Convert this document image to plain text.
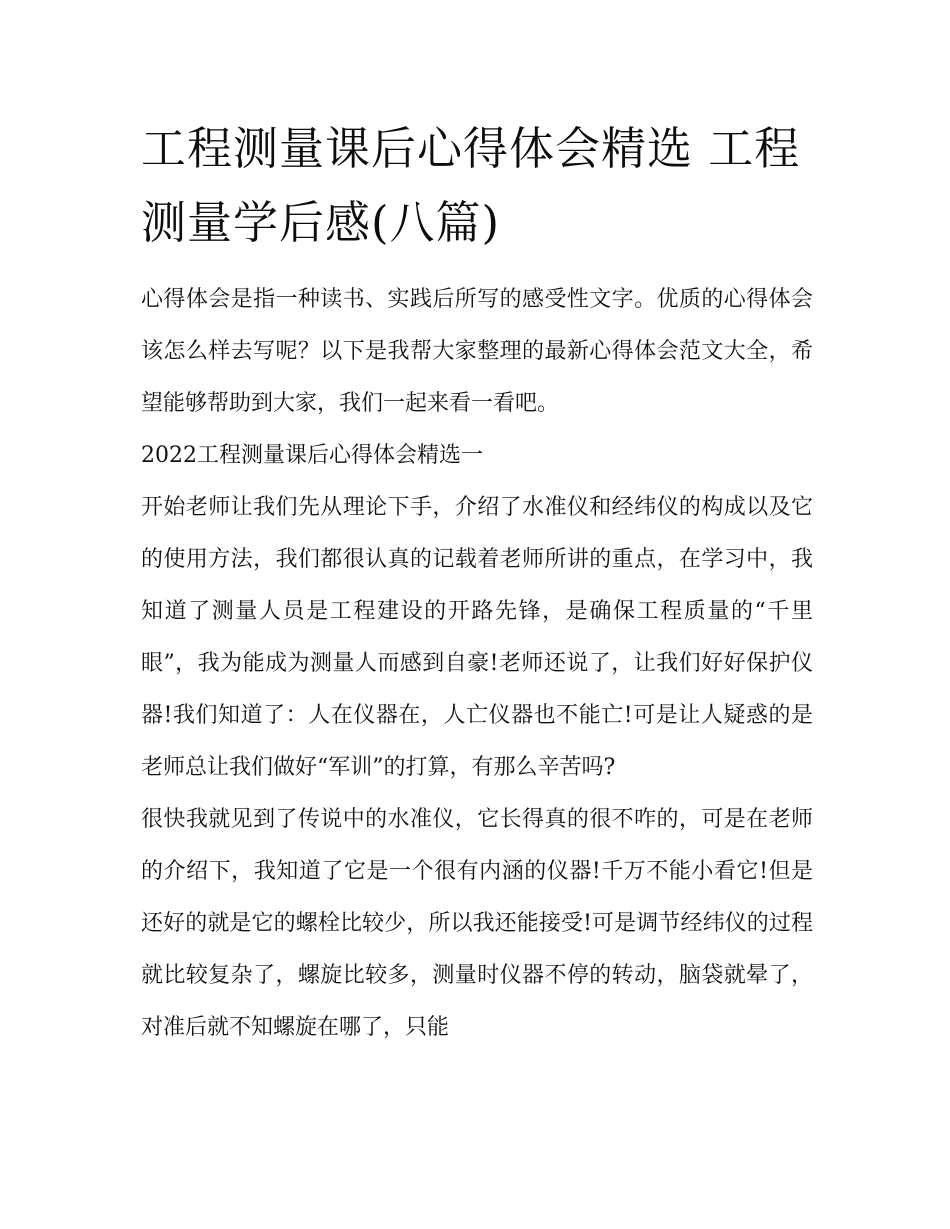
工程测量课后心得体会精选 工程测量学后感(八篇)

心得体会是指一种读书、实践后所写的感受性文字。优质的心得体会该怎么样去写呢？以下是我帮大家整理的最新心得体会范文大全，希望能够帮助到大家，我们一起来看一看吧。

2022工程测量课后心得体会精选一

开始老师让我们先从理论下手，介绍了水准仪和经纬仪的构成以及它的使用方法，我们都很认真的记载着老师所讲的重点，在学习中，我知道了测量人员是工程建设的开路先锋，是确保工程质量的“千里眼”，我为能成为测量人而感到自豪!老师还说了，让我们好好保护仪器!我们知道了：人在仪器在，人亡仪器也不能亡!可是让人疑惑的是老师总让我们做好“军训”的打算，有那么辛苦吗?

很快我就见到了传说中的水准仪，它长得真的很不咋的，可是在老师的介绍下，我知道了它是一个很有内涵的仪器!千万不能小看它!但是还好的就是它的螺栓比较少，所以我还能接受!可是调节经纬仪的过程就比较复杂了，螺旋比较多，测量时仪器不停的转动，脑袋就晕了，对准后就不知螺旋在哪了，只能
